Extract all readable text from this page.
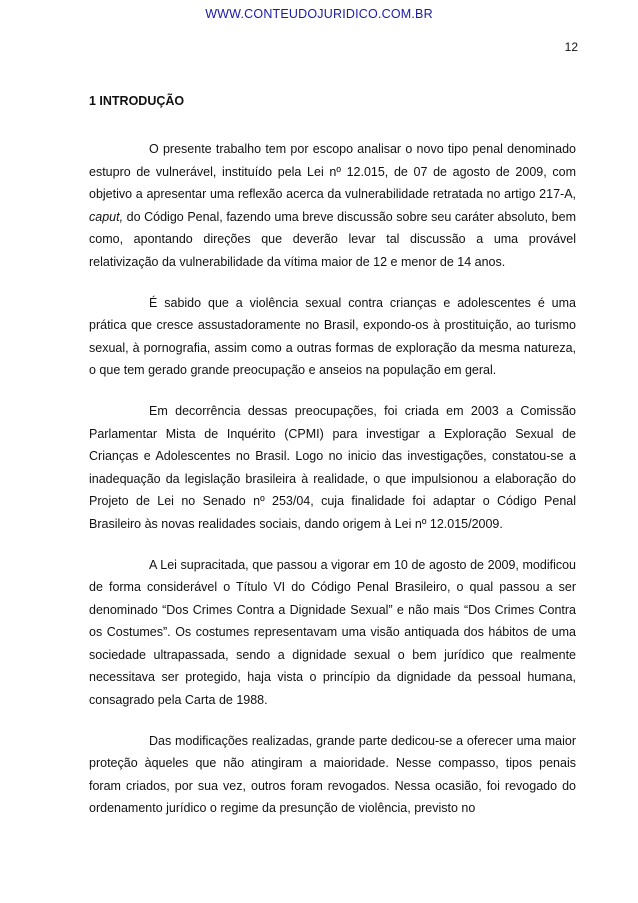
WWW.CONTEUDOJURIDICO.COM.BR
12
1 INTRODUÇÃO

O presente trabalho tem por escopo analisar o novo tipo penal denominado estupro de vulnerável, instituído pela Lei nº 12.015, de 07 de agosto de 2009, com objetivo a apresentar uma reflexão acerca da vulnerabilidade retratada no artigo 217-A, caput, do Código Penal, fazendo uma breve discussão sobre seu caráter absoluto, bem como, apontando direções que deverão levar tal discussão a uma provável relativização da vulnerabilidade da vítima maior de 12 e menor de 14 anos.

É sabido que a violência sexual contra crianças e adolescentes é uma prática que cresce assustadoramente no Brasil, expondo-os à prostituição, ao turismo sexual, à pornografia, assim como a outras formas de exploração da mesma natureza, o que tem gerado grande preocupação e anseios na população em geral.

Em decorrência dessas preocupações, foi criada em 2003 a Comissão Parlamentar Mista de Inquérito (CPMI) para investigar a Exploração Sexual de Crianças e Adolescentes no Brasil. Logo no inicio das investigações, constatou-se a inadequação da legislação brasileira à realidade, o que impulsionou a elaboração do Projeto de Lei no Senado nº 253/04, cuja finalidade foi adaptar o Código Penal Brasileiro às novas realidades sociais, dando origem à Lei nº 12.015/2009.

A Lei supracitada, que passou a vigorar em 10 de agosto de 2009, modificou de forma considerável o Título VI do Código Penal Brasileiro, o qual passou a ser denominado “Dos Crimes Contra a Dignidade Sexual” e não mais “Dos Crimes Contra os Costumes”. Os costumes representavam uma visão antiquada dos hábitos de uma sociedade ultrapassada, sendo a dignidade sexual o bem jurídico que realmente necessitava ser protegido, haja vista o princípio da dignidade da pessoal humana, consagrado pela Carta de 1988.

Das modificações realizadas, grande parte dedicou-se a oferecer uma maior proteção àqueles que não atingiram a maioridade. Nesse compasso, tipos penais foram criados, por sua vez, outros foram revogados. Nessa ocasião, foi revogado do ordenamento jurídico o regime da presunção de violência, previsto no
